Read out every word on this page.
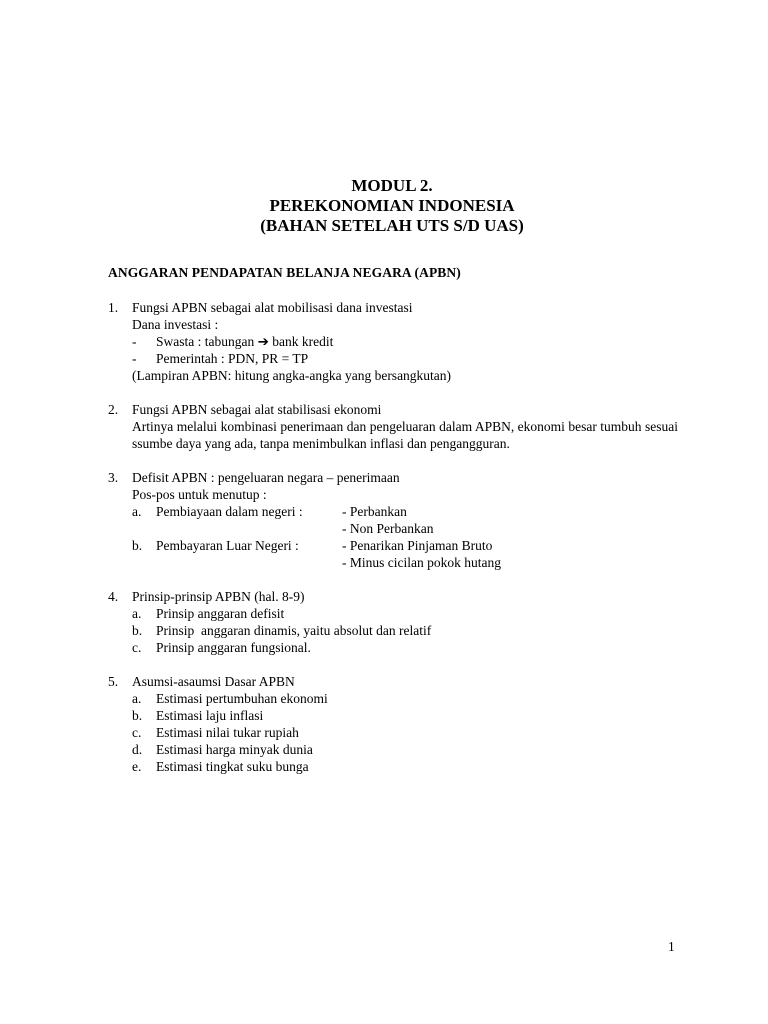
MODUL 2.
PEREKONOMIAN INDONESIA
(BAHAN SETELAH UTS S/D UAS)
ANGGARAN PENDAPATAN BELANJA NEGARA (APBN)
1. Fungsi APBN sebagai alat mobilisasi dana investasi
Dana investasi :
- Swasta : tabungan ➔ bank kredit
- Pemerintah : PDN, PR = TP
(Lampiran APBN: hitung angka-angka yang bersangkutan)
2. Fungsi APBN sebagai alat stabilisasi ekonomi
Artinya melalui kombinasi penerimaan dan pengeluaran dalam APBN, ekonomi besar tumbuh sesuai ssumbe daya yang ada, tanpa menimbulkan inflasi dan pengangguran.
3. Defisit APBN : pengeluaran negara – penerimaan
Pos-pos untuk menutup :
a. Pembiayaan dalam negeri :	- Perbankan
- Non Perbankan
b. Pembayaran Luar Negeri :	- Penarikan Pinjaman Bruto
- Minus cicilan pokok hutang
4. Prinsip-prinsip APBN (hal. 8-9)
a. Prinsip anggaran defisit
b. Prinsip  anggaran dinamis, yaitu absolut dan relatif
c. Prinsip anggaran fungsional.
5. Asumsi-asaumsi Dasar APBN
a. Estimasi pertumbuhan ekonomi
b. Estimasi laju inflasi
c. Estimasi nilai tukar rupiah
d. Estimasi harga minyak dunia
e. Estimasi tingkat suku bunga
1
